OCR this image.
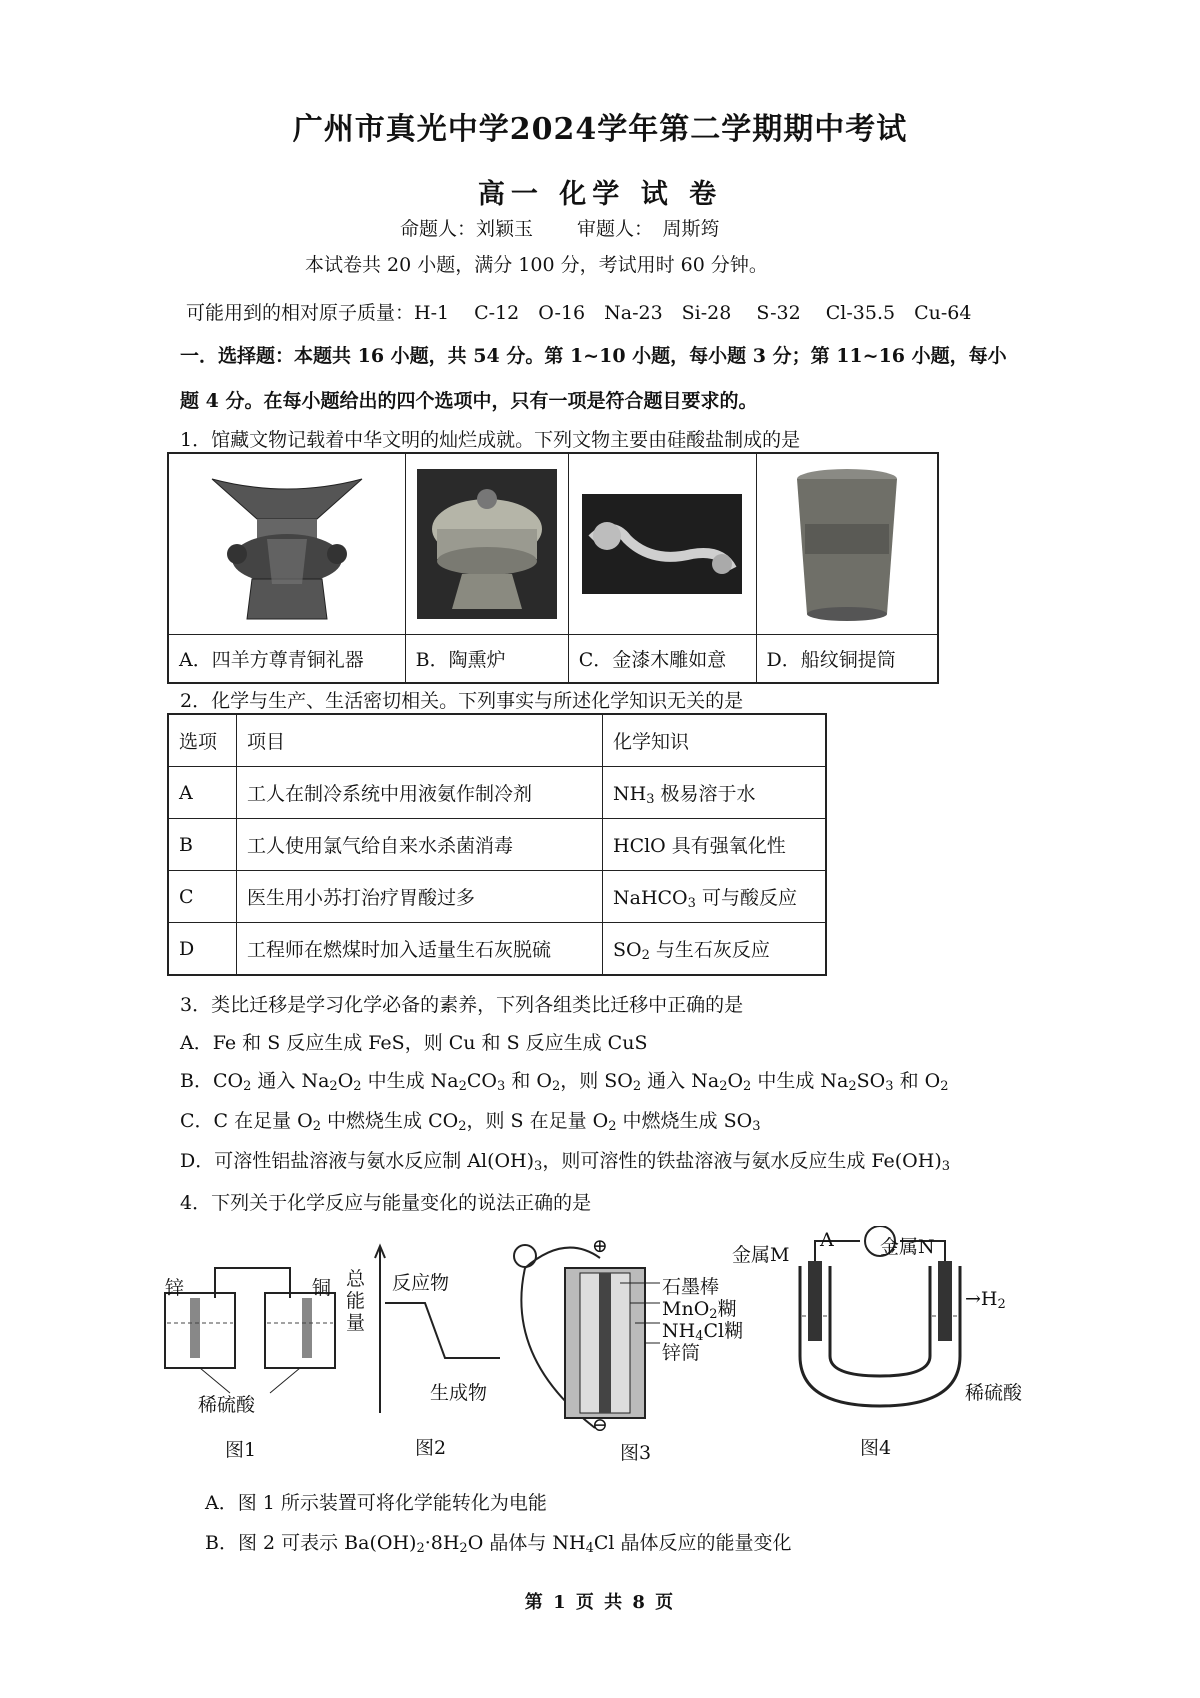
广州市真光中学2024学年第二学期期中考试
高一 化学 试 卷
命题人：刘颖玉　　 审题人：　周斯筠
本试卷共 20 小题，满分 100 分，考试用时 60 分钟。
可能用到的相对原子质量：H-1　 C-12　O-16　Na-23　Si-28　 S-32　 Cl-35.5　Cu-64
一．选择题：本题共 16 小题，共 54 分。第 1~10 小题，每小题 3 分；第 11~16 小题，每小
题 4 分。在每小题给出的四个选项中，只有一项是符合题目要求的。
1．馆藏文物记载着中华文明的灿烂成就。下列文物主要由硅酸盐制成的是
A．四羊方尊青铜礼器	B．陶熏炉	C．金漆木雕如意	D．船纹铜提筒
2．化学与生产、生活密切相关。下列事实与所述化学知识无关的是
选项	项目	化学知识
A	工人在制冷系统中用液氨作制冷剂	$NH_3$ 极易溶于水
B	工人使用氯气给自来水杀菌消毒	HClO 具有强氧化性
C	医生用小苏打治疗胃酸过多	NaHCO$_3$ 可与酸反应
D	工程师在燃煤时加入适量生石灰脱硫	$SO_2$ 与生石灰反应
3．类比迁移是学习化学必备的素养，下列各组类比迁移中正确的是
A．Fe 和 S 反应生成 FeS，则 Cu 和 S 反应生成 CuS
B．$CO_2$ 通入 $Na_2O_2$ 中生成 $Na_2CO_3$ 和 $O_2$，则 $SO_2$ 通入 $Na_2O_2$ 中生成 $Na_2SO_3$ 和 $O_2$
C．C 在足量 $O_2$ 中燃烧生成 $CO_2$，则 S 在足量 $O_2$ 中燃烧生成 $SO_3$
D．可溶性铝盐溶液与氨水反应制 $Al(OH)_3$，则可溶性的铁盐溶液与氨水反应生成 $Fe(OH)_3$
4．下列关于化学反应与能量变化的说法正确的是
锌	铜
稀硫酸
图1
总能量
反应物
生成物
图2
⊕
⊖
石墨棒
MnO$_2$糊
$NH_4Cl$糊
锌筒
图3
A
金属M	金属N
$\to H_2$
稀硫酸
图4
A．图 1 所示装置可将化学能转化为电能
B．图 2 可表示 $Ba(OH)_2\cdot 8H_2O$ 晶体与 $NH_4Cl$ 晶体反应的能量变化
第 1 页 共 8 页
